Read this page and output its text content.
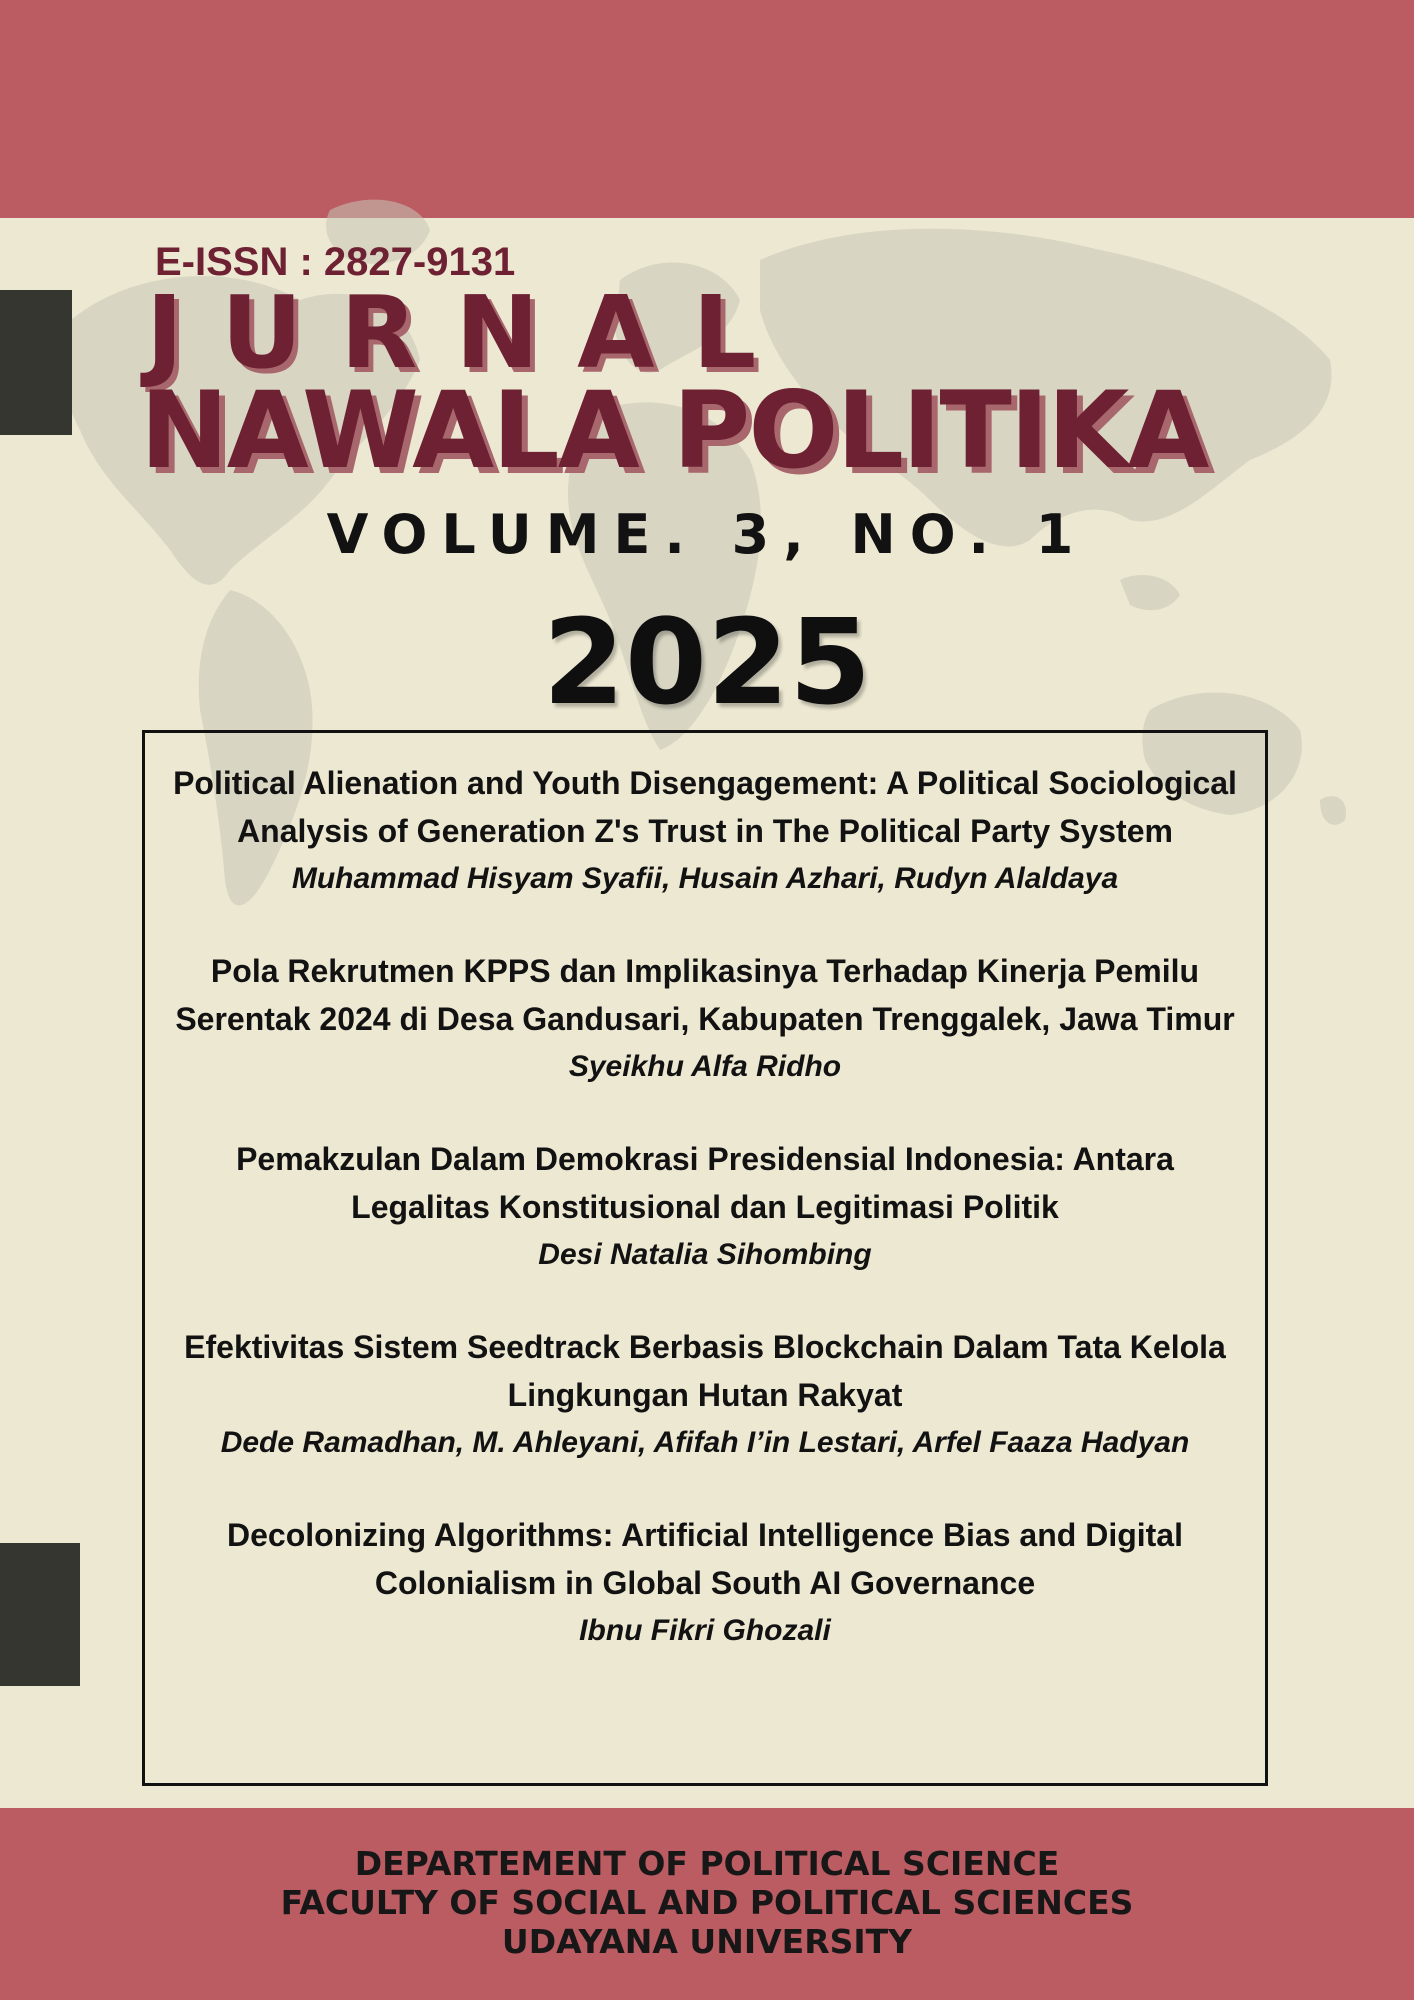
E-ISSN : 2827-9131
JURNAL
NAWALA POLITIKA
VOLUME. 3, NO. 1
2025

Political Alienation and Youth Disengagement: A Political Sociological Analysis of Generation Z's Trust in The Political Party System

Muhammad Hisyam Syafii, Husain Azhari, Rudyn Alaldaya

Pola Rekrutmen KPPS dan Implikasinya Terhadap Kinerja Pemilu Serentak 2024 di Desa Gandusari, Kabupaten Trenggalek, Jawa Timur

Syeikhu Alfa Ridho

Pemakzulan Dalam Demokrasi Presidensial Indonesia: Antara Legalitas Konstitusional dan Legitimasi Politik

Desi Natalia Sihombing

Efektivitas Sistem Seedtrack Berbasis Blockchain Dalam Tata Kelola Lingkungan Hutan Rakyat

Dede Ramadhan, M. Ahleyani, Afifah I’in Lestari, Arfel Faaza Hadyan

Decolonizing Algorithms: Artificial Intelligence Bias and Digital Colonialism in Global South AI Governance

Ibnu Fikri Ghozali

DEPARTEMENT OF POLITICAL SCIENCE
FACULTY OF SOCIAL AND POLITICAL SCIENCES
UDAYANA UNIVERSITY
